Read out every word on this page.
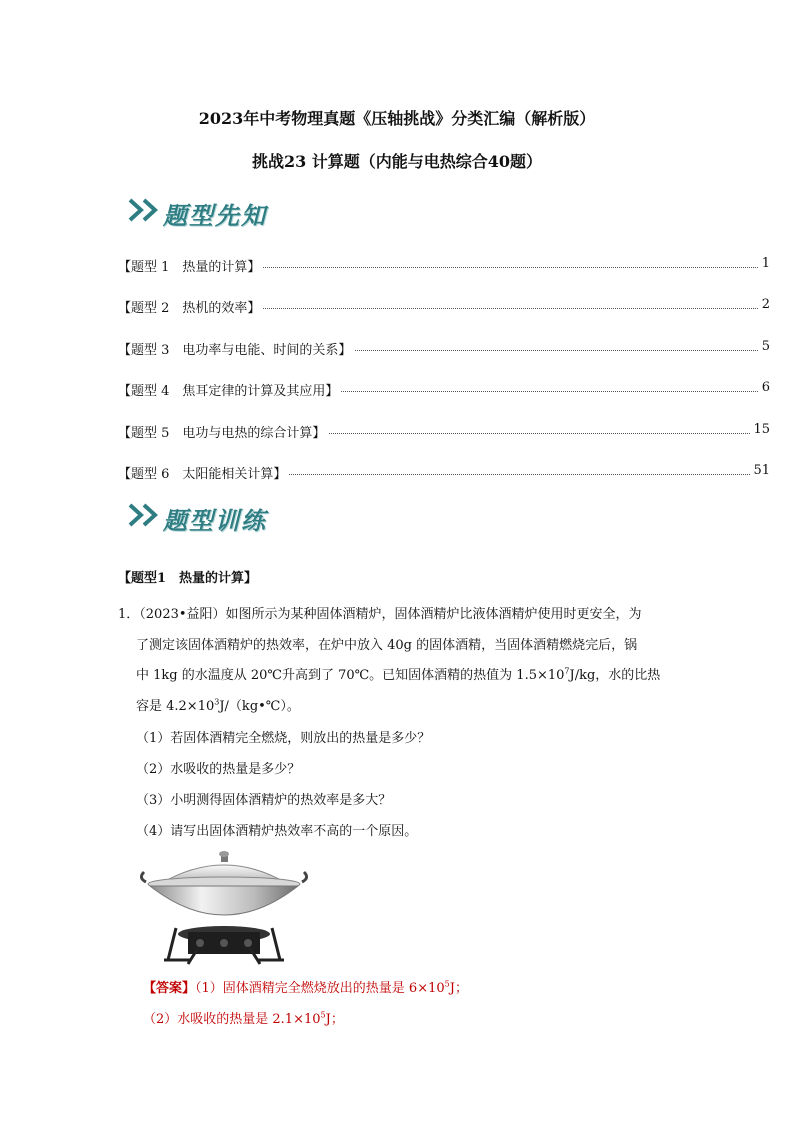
2023年中考物理真题《压轴挑战》分类汇编（解析版）
挑战23 计算题（内能与电热综合40题）
题型先知
【题型 1　热量的计算】	1
【题型 2　热机的效率】	2
【题型 3　电功率与电能、时间的关系】	5
【题型 4　焦耳定律的计算及其应用】	6
【题型 5　电功与电热的综合计算】	15
【题型 6　太阳能相关计算】	51
题型训练
【题型1　热量的计算】
1．（2023•益阳）如图所示为某种固体酒精炉，固体酒精炉比液体酒精炉使用时更安全，为
了测定该固体酒精炉的热效率，在炉中放入 40g 的固体酒精，当固体酒精燃烧完后，锅
中 1kg 的水温度从 20℃升高到了 70℃。已知固体酒精的热值为 $1.5\times 10^7J/kg$，水的比热
容是 $4.2\times 10^3J/(kg•℃)$。
（1）若固体酒精完全燃烧，则放出的热量是多少？
（2）水吸收的热量是多少？
（3）小明测得固体酒精炉的热效率是多大？
（4）请写出固体酒精炉热效率不高的一个原因。
【答案】（1）固体酒精完全燃烧放出的热量是 $6\times 10^5J$；
（2）水吸收的热量是 $2.1\times 10^5J$；
